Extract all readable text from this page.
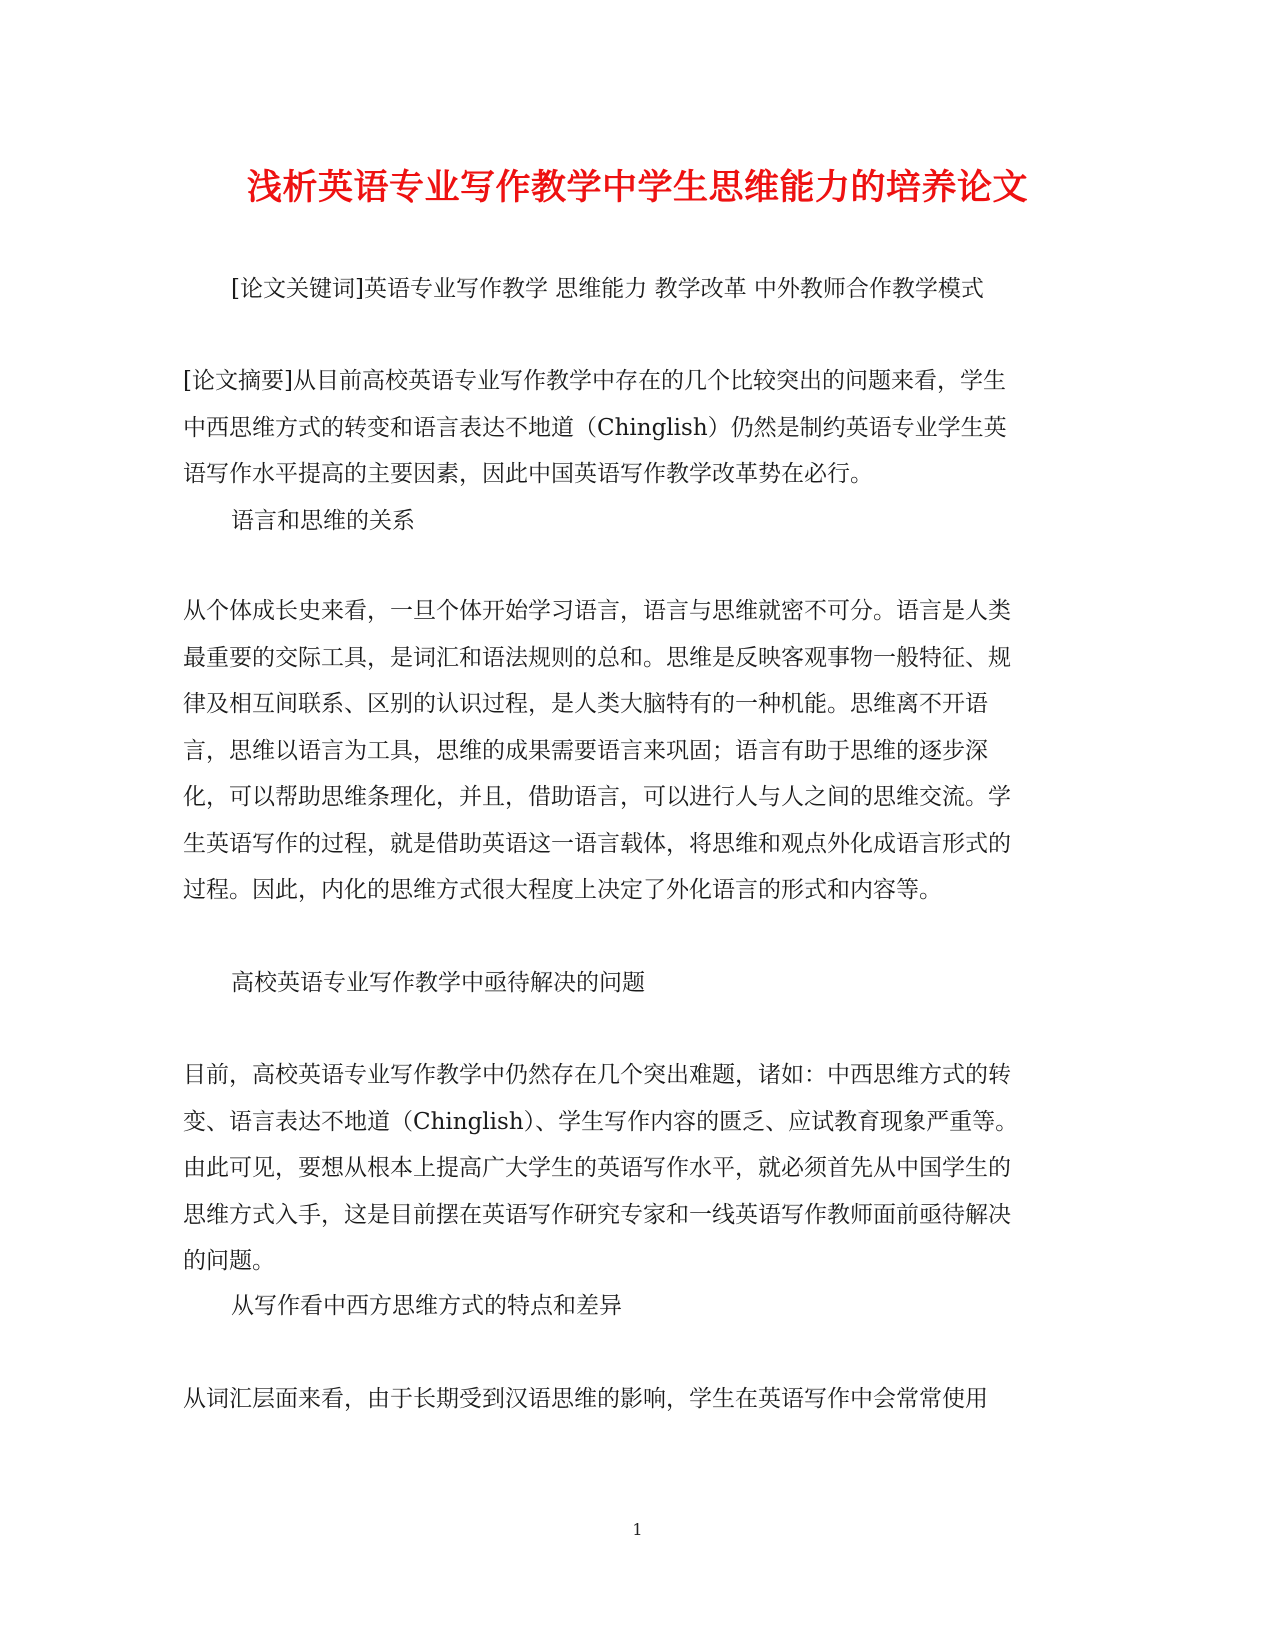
浅析英语专业写作教学中学生思维能力的培养论文

[论文关键词]英语专业写作教学 思维能力 教学改革 中外教师合作教学模式

[论文摘要]从目前高校英语专业写作教学中存在的几个比较突出的问题来看，学生中西思维方式的转变和语言表达不地道（Chinglish）仍然是制约英语专业学生英语写作水平提高的主要因素，因此中国英语写作教学改革势在必行。

语言和思维的关系

从个体成长史来看，一旦个体开始学习语言，语言与思维就密不可分。语言是人类最重要的交际工具，是词汇和语法规则的总和。思维是反映客观事物一般特征、规律及相互间联系、区别的认识过程，是人类大脑特有的一种机能。思维离不开语言，思维以语言为工具，思维的成果需要语言来巩固；语言有助于思维的逐步深化，可以帮助思维条理化，并且，借助语言，可以进行人与人之间的思维交流。学生英语写作的过程，就是借助英语这一语言载体，将思维和观点外化成语言形式的过程。因此，内化的思维方式很大程度上决定了外化语言的形式和内容等。

高校英语专业写作教学中亟待解决的问题

目前，高校英语专业写作教学中仍然存在几个突出难题，诸如：中西思维方式的转变、语言表达不地道（Chinglish）、学生写作内容的匮乏、应试教育现象严重等。由此可见，要想从根本上提高广大学生的英语写作水平，就必须首先从中国学生的思维方式入手，这是目前摆在英语写作研究专家和一线英语写作教师面前亟待解决的问题。

从写作看中西方思维方式的特点和差异

从词汇层面来看，由于长期受到汉语思维的影响，学生在英语写作中会常常使用

1
